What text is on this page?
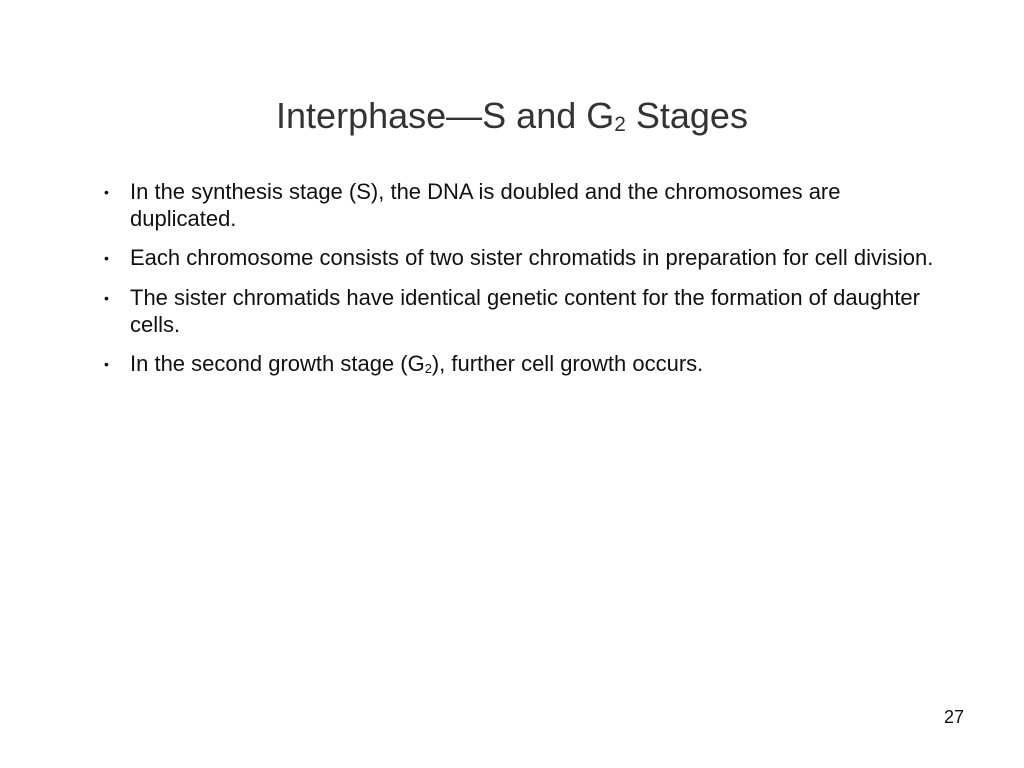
Interphase—S and $G_2$ Stages
• In the synthesis stage (S), the DNA is doubled and the chromosomes are duplicated.
• Each chromosome consists of two sister chromatids in preparation for cell division.
• The sister chromatids have identical genetic content for the formation of daughter cells.
• In the second growth stage $(G_2)$, further cell growth occurs.
27
